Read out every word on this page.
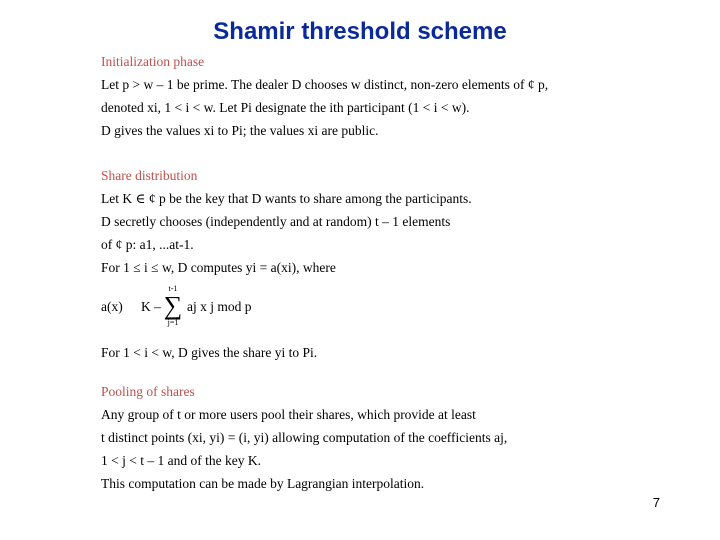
Shamir threshold scheme
Initialization phase
Let p > w – 1 be prime. The dealer D chooses w distinct, non-zero elements of ¢ p,
denoted xi, 1 < i < w. Let Pi designate the ith participant (1 < i < w).
D gives the values xi to Pi; the values xi are public.
Share distribution
Let K ∈ ¢ p be the key that D wants to share among the participants.
D secretly chooses (independently and at random) t – 1 elements
of ¢ p: a1, ...at-1.
For 1 ≤ i ≤ w, D computes yi = a(xi), where
a(x) K –
t-1
∑
j=1
aj x j mod p
For 1 < i < w, D gives the share yi to Pi.
Pooling of shares
Any group of t or more users pool their shares, which provide at least
t distinct points (xi, yi) = (i, yi) allowing computation of the coefficients aj,
1 < j < t – 1 and of the key K.
This computation can be made by Lagrangian interpolation.
7
